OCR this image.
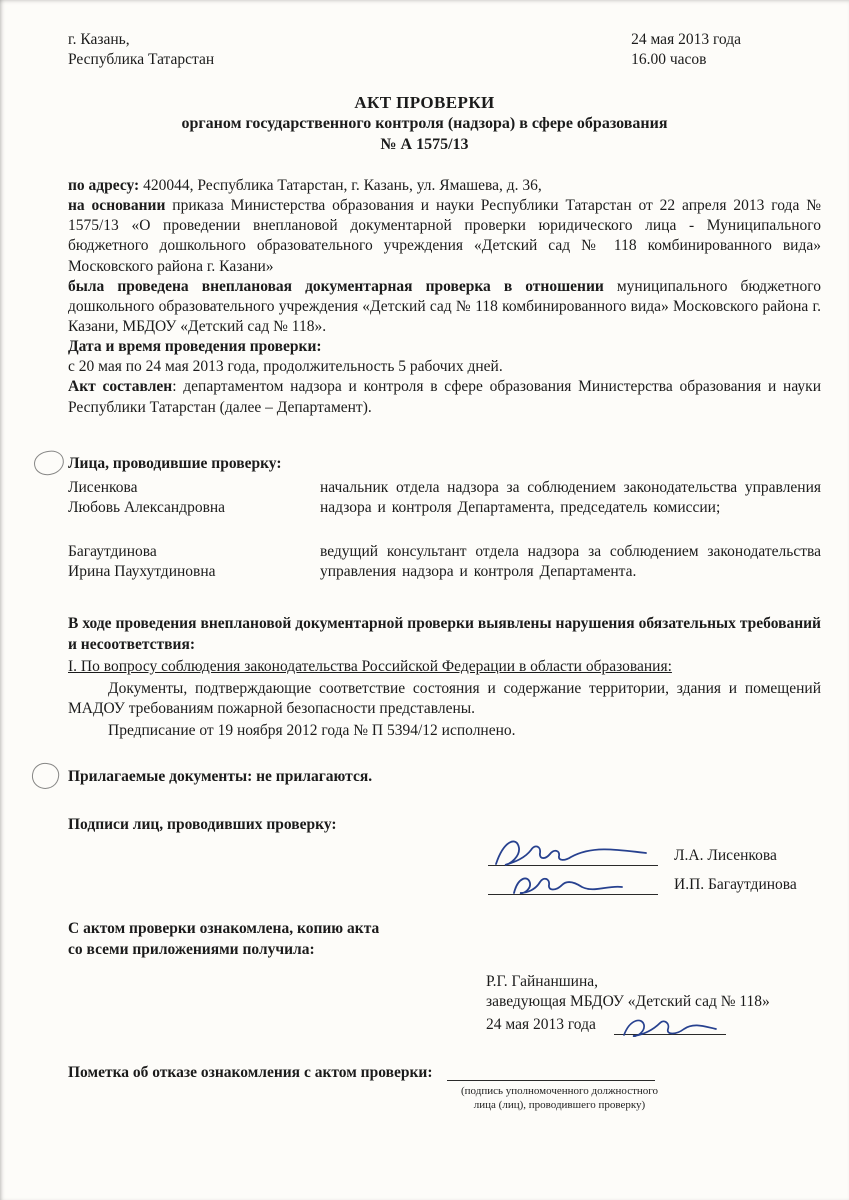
г. Казань,
Республика Татарстан
24 мая 2013 года
16.00 часов
АКТ ПРОВЕРКИ
органом государственного контроля (надзора) в сфере образования
№ А 1575/13

по адресу: 420044, Республика Татарстан, г. Казань, ул. Ямашева, д. 36,

на основании приказа Министерства образования и науки Республики Татарстан от 22 апреля 2013 года № 1575/13 «О проведении внеплановой документарной проверки юридического лица - Муниципального бюджетного дошкольного образовательного учреждения «Детский сад № 118 комбинированного вида» Московского района г. Казани»

была проведена внеплановая документарная проверка в отношении муниципального бюджетного дошкольного образовательного учреждения «Детский сад № 118 комбинированного вида» Московского района г. Казани, МБДОУ «Детский сад № 118».

Дата и время проведения проверки:

с 20 мая по 24 мая 2013 года, продолжительность 5 рабочих дней.

Акт составлен: департаментом надзора и контроля в сфере образования Министерства образования и науки Республики Татарстан (далее – Департамент).

Лица, проводившие проверку:

Лисенкова
Любовь Александровна
начальник отдела надзора за соблюдением законодательства управления надзора и контроля Департамента, председатель комиссии;
Багаутдинова
Ирина Паухутдиновна
ведущий консультант отдела надзора за соблюдением законодательства управления надзора и контроля Департамента.

В ходе проведения внеплановой документарной проверки выявлены нарушения обязательных требований и несоответствия:

I. По вопросу соблюдения законодательства Российской Федерации в области образования:

Документы, подтверждающие соответствие состояния и содержание территории, здания и помещений МАДОУ требованиям пожарной безопасности представлены.

Предписание от 19 ноября 2012 года № П 5394/12 исполнено.

Прилагаемые документы: не прилагаются.

Подписи лиц, проводивших проверку:

Л.А. Лисенкова
И.П. Багаутдинова
С актом проверки ознакомлена, копию акта
со всеми приложениями получила:
Р.Г. Гайнаншина,
заведующая МБДОУ «Детский сад № 118»
24 мая 2013 года
Пометка об отказе ознакомления с актом проверки:
(подпись уполномоченного должностного
лица (лиц), проводившего проверку)
